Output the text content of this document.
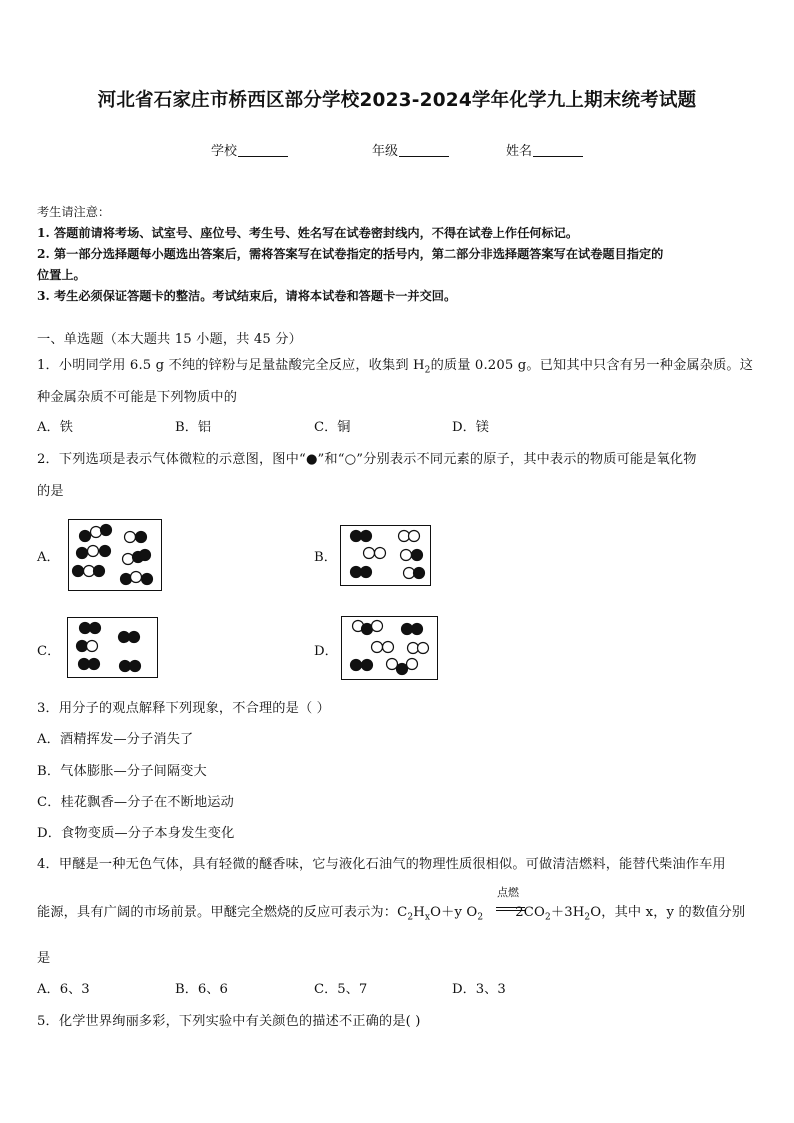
河北省石家庄市桥西区部分学校2023-2024学年化学九上期末统考试题
学校	年级	姓名
考生请注意：
1. 答题前请将考场、试室号、座位号、考生号、姓名写在试卷密封线内，不得在试卷上作任何标记。
2. 第一部分选择题每小题选出答案后，需将答案写在试卷指定的括号内，第二部分非选择题答案写在试卷题目指定的
位置上。
3. 考生必须保证答题卡的整洁。考试结束后，请将本试卷和答题卡一并交回。
一、单选题（本大题共 15 小题，共 45 分）
1．小明同学用 6.5 g 不纯的锌粉与足量盐酸完全反应，收集到 $H_2$的质量 0.205 g。已知其中只含有另一种金属杂质。这
种金属杂质不可能是下列物质中的
A．铁	B．铝	C．铜	D．镁
2．下列选项是表示气体微粒的示意图，图中“●”和“○”分别表示不同元素的原子，其中表示的物质可能是氧化物
的是
A．	B．
C．	D．
3．用分子的观点解释下列现象，不合理的是（ ）
A．酒精挥发—分子消失了
B．气体膨胀—分子间隔变大
C．桂花飘香—分子在不断地运动
D．食物变质—分子本身发生变化
4．甲醚是一种无色气体，具有轻微的醚香味，它与液化石油气的物理性质很相似。可做清洁燃料，能替代柴油作车用
能源，具有广阔的市场前景。甲醚完全燃烧的反应可表示为：$C_2H_xO+y$ $O_2$ $2CO_2+3H_2O$，其中 x，y 的数值分别
点燃
是
A．6、3	B．6、6	C．5、7	D．3、3
5．化学世界绚丽多彩，下列实验中有关颜色的描述不正确的是( )
